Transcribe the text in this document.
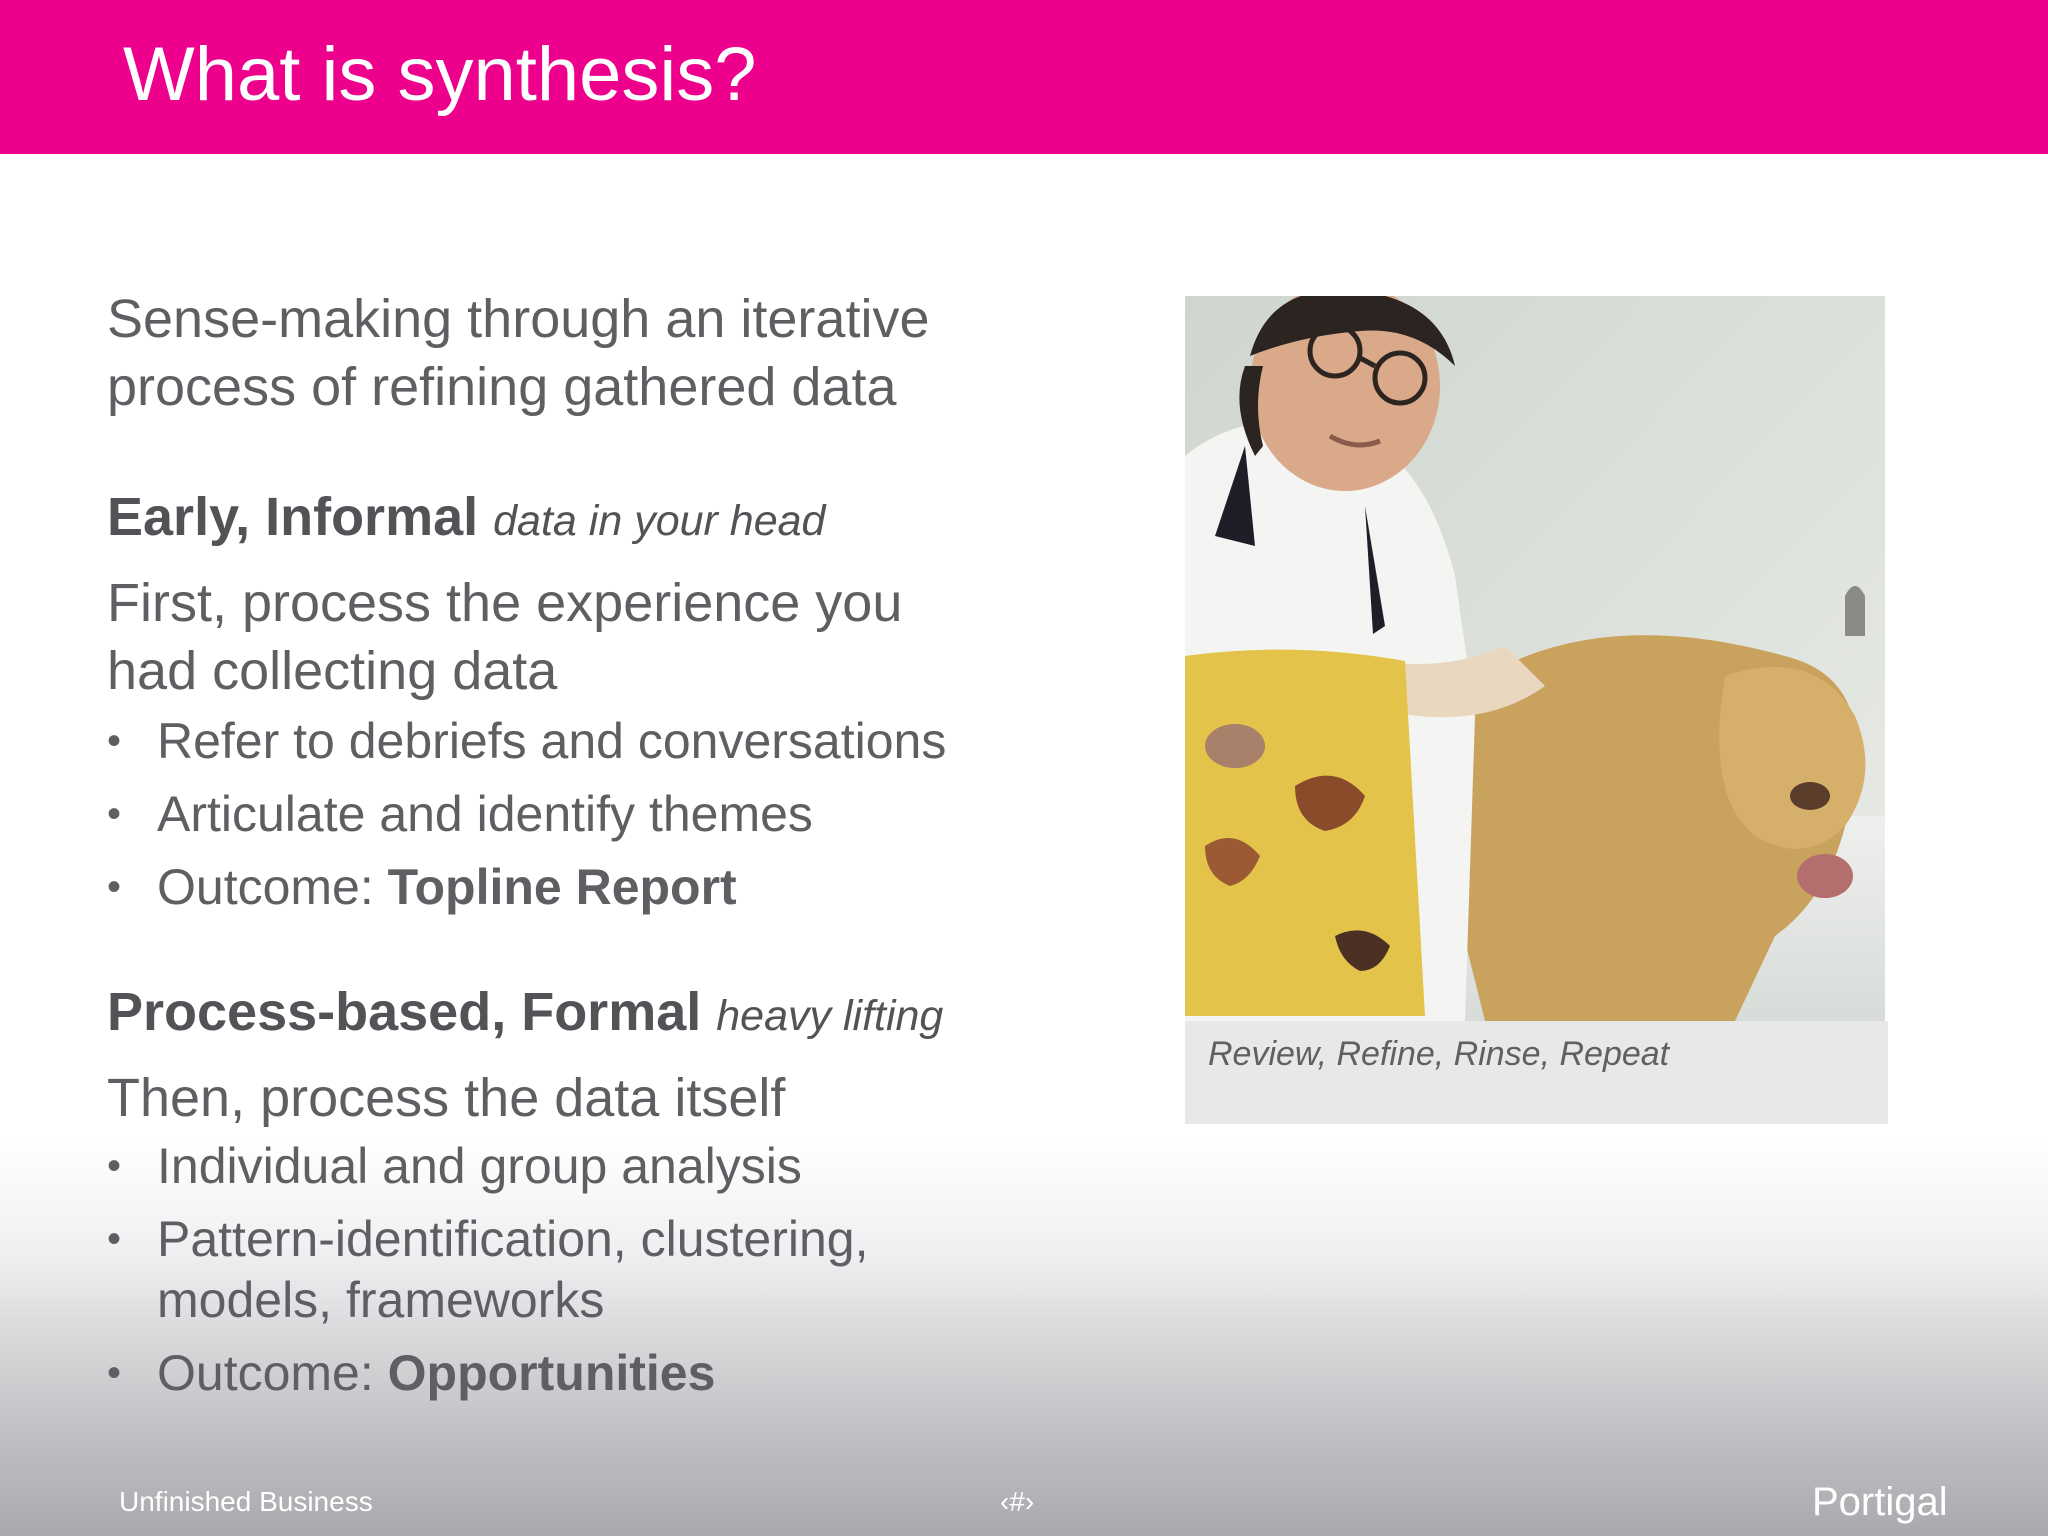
What is synthesis?
Sense-making through an iterative
process of refining gathered data
Early, Informal data in your head
First, process the experience you
had collecting data
• Refer to debriefs and conversations
• Articulate and identify themes
• Outcome: Topline Report
Process-based, Formal heavy lifting
Then, process the data itself
• Individual and group analysis
• Pattern-identification, clustering,
models, frameworks
• Outcome: Opportunities
Review, Refine, Rinse, Repeat
Unfinished Business	‹#›	Portigal
